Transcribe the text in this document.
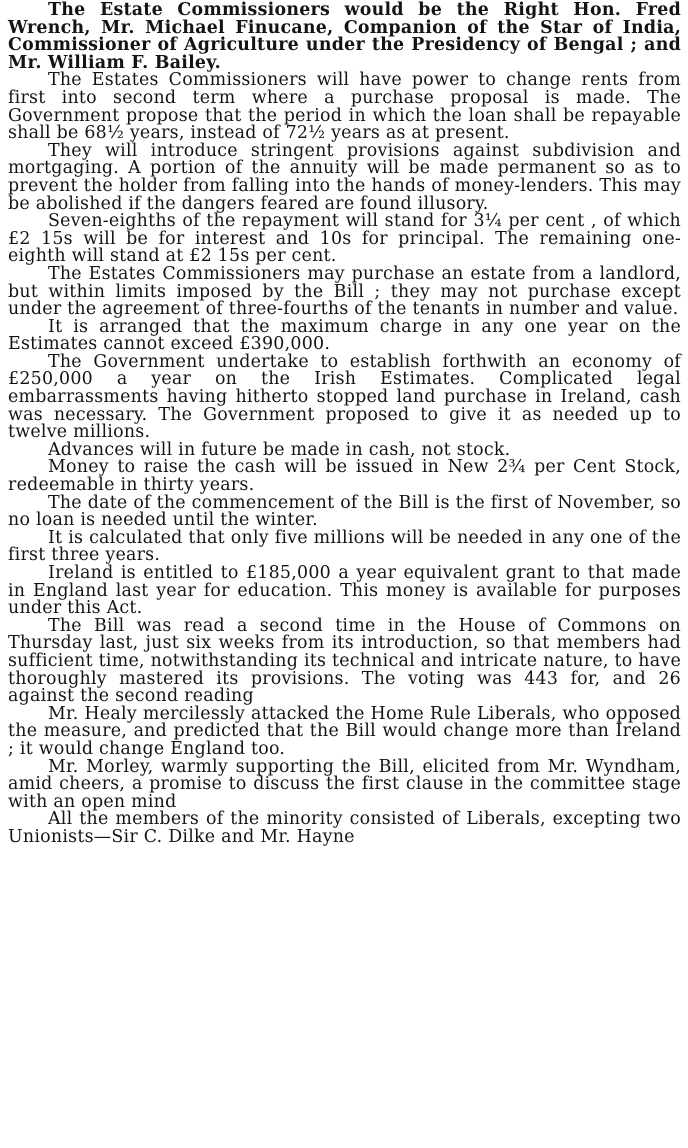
The Estate Commissioners would be the Right Hon. Fred Wrench, Mr. Michael Finucane, Companion of the Star of India, Commissioner of Agriculture under the Presidency of Bengal ; and Mr. William F. Bailey.

The Estates Commissioners will have power to change rents from first into second term where a purchase proposal is made. The Government propose that the period in which the loan shall be repayable shall be 68½ years, instead of 72½ years as at present.

They will introduce stringent provisions against subdivision and mortgaging. A portion of the annuity will be made permanent so as to prevent the holder from falling into the hands of money-lenders. This may be abolished if the dangers feared are found illusory.

Seven-eighths of the repayment will stand for 3¼ per cent , of which £2 15s will be for interest and 10s for principal. The remaining one-eighth will stand at £2 15s per cent.

The Estates Commissioners may purchase an estate from a landlord, but within limits imposed by the Bill ; they may not purchase except under the agreement of three-fourths of the tenants in number and value.

It is arranged that the maximum charge in any one year on the Estimates cannot exceed £390,000.

The Government undertake to establish forthwith an economy of £250,000 a year on the Irish Estimates. Complicated legal embarrassments having hitherto stopped land purchase in Ireland, cash was necessary. The Government proposed to give it as needed up to twelve millions.

Advances will in future be made in cash, not stock.

Money to raise the cash will be issued in New 2¾ per Cent Stock, redeemable in thirty years.

The date of the commencement of the Bill is the first of November, so no loan is needed until the winter.

It is calculated that only five millions will be needed in any one of the first three years.

Ireland is entitled to £185,000 a year equivalent grant to that made in England last year for education. This money is available for purposes under this Act.

The Bill was read a second time in the House of Commons on Thursday last, just six weeks from its introduction, so that members had sufficient time, notwithstanding its technical and intricate nature, to have thoroughly mastered its provisions. The voting was 443 for, and 26 against the second reading

Mr. Healy mercilessly attacked the Home Rule Liberals, who opposed the measure, and predicted that the Bill would change more than Ireland ; it would change England too.

Mr. Morley, warmly supporting the Bill, elicited from Mr. Wyndham, amid cheers, a promise to discuss the first clause in the committee stage with an open mind

All the members of the minority consisted of Liberals, excepting two Unionists—Sir C. Dilke and Mr. Hayne
